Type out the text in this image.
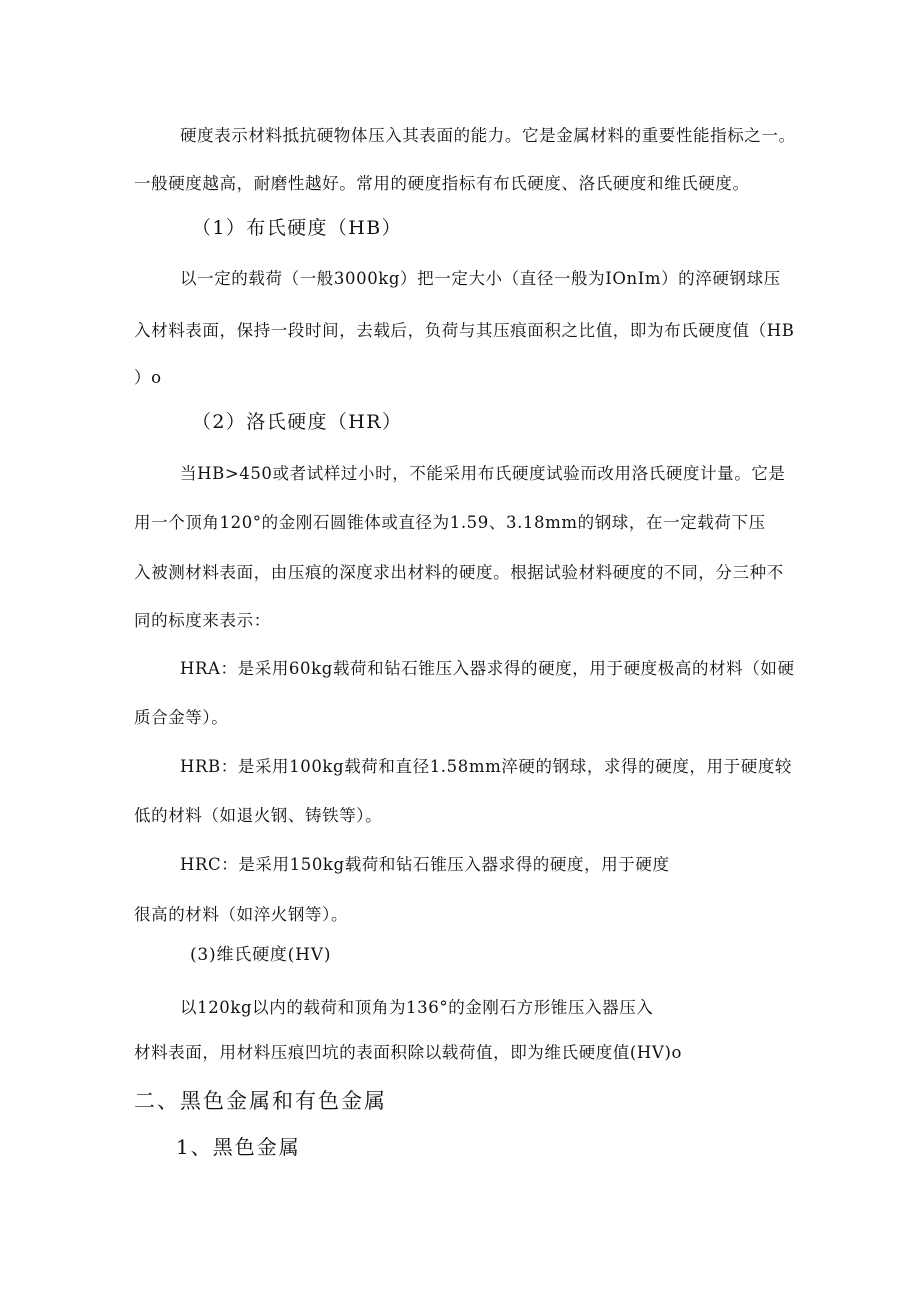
硬度表示材料抵抗硬物体压入其表面的能力。它是金属材料的重要性能指标之一。
一般硬度越高，耐磨性越好。常用的硬度指标有布氏硬度、洛氏硬度和维氏硬度。
（1）布氏硬度（HB）
以一定的载荷（一般3000kg）把一定大小（直径一般为IOnIm）的淬硬钢球压
入材料表面，保持一段时间，去载后，负荷与其压痕面积之比值，即为布氏硬度值（HB
）o
（2）洛氏硬度（HR）
当HB>450或者试样过小时，不能采用布氏硬度试验而改用洛氏硬度计量。它是
用一个顶角120°的金刚石圆锥体或直径为1.59、3.18mm的钢球，在一定载荷下压
入被测材料表面，由压痕的深度求出材料的硬度。根据试验材料硬度的不同，分三种不
同的标度来表示：
HRA：是采用60kg载荷和钻石锥压入器求得的硬度，用于硬度极高的材料（如硬
质合金等）。
HRB：是采用100kg载荷和直径1.58mm淬硬的钢球，求得的硬度，用于硬度较
低的材料（如退火钢、铸铁等）。
HRC：是采用150kg载荷和钻石锥压入器求得的硬度，用于硬度
很高的材料（如淬火钢等）。
(3)维氏硬度(HV)
以120kg以内的载荷和顶角为136°的金刚石方形锥压入器压入
材料表面，用材料压痕凹坑的表面积除以载荷值，即为维氏硬度值(HV)o
二、黑色金属和有色金属
1、黑色金属
